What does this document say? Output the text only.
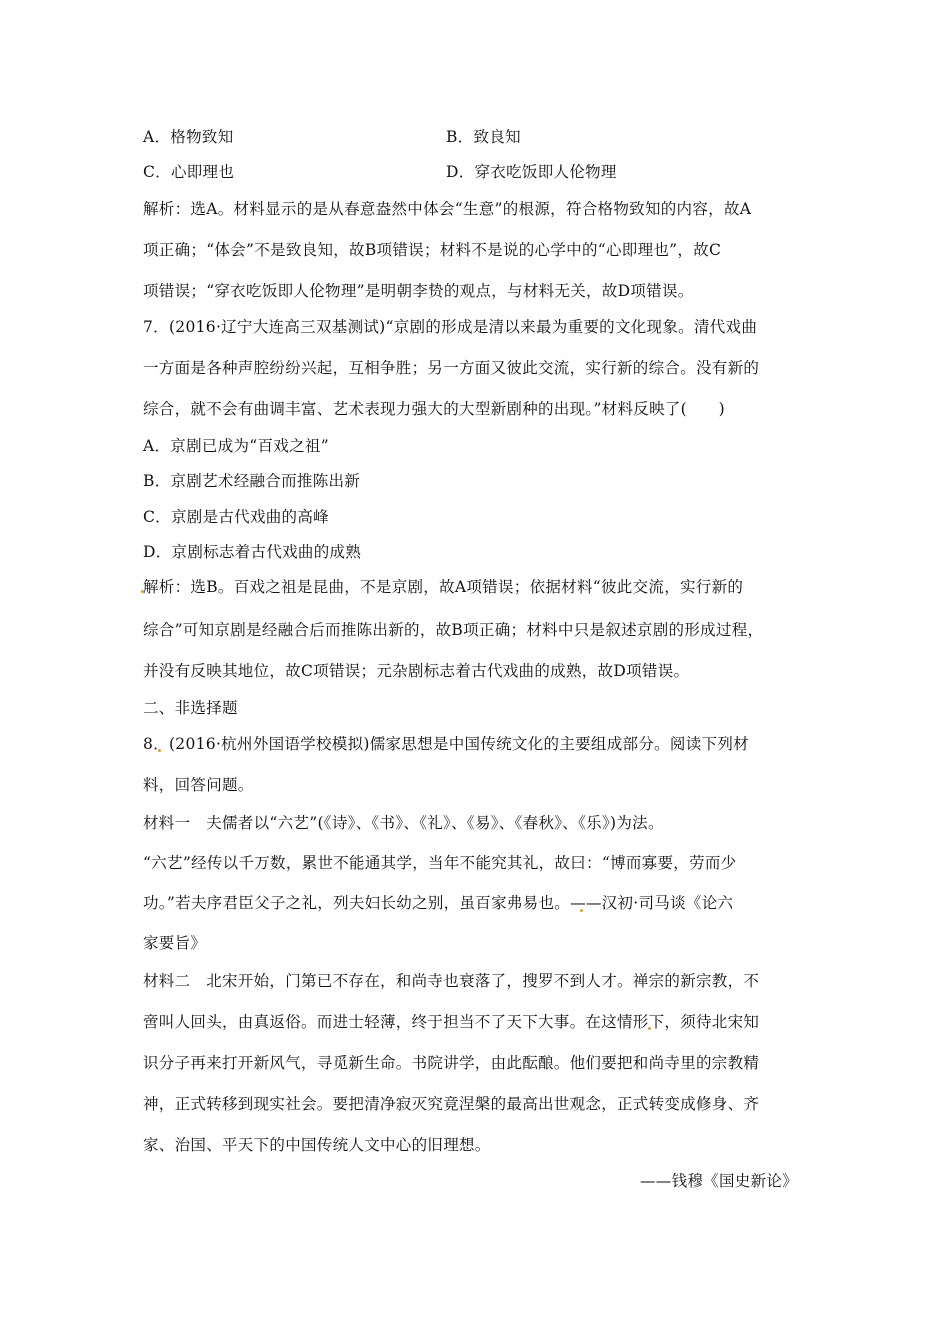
A．格物致知	B．致良知
C．心即理也	D．穿衣吃饭即人伦物理
解析：选A。材料显示的是从春意盎然中体会“生意”的根源，符合格物致知的内容，故A
项正确；“体会”不是致良知，故B项错误；材料不是说的心学中的“心即理也”，故C
项错误；“穿衣吃饭即人伦物理”是明朝李贽的观点，与材料无关，故D项错误。
7．(2016·辽宁大连高三双基测试)“京剧的形成是清以来最为重要的文化现象。清代戏曲
一方面是各种声腔纷纷兴起，互相争胜；另一方面又彼此交流，实行新的综合。没有新的
综合，就不会有曲调丰富、艺术表现力强大的大型新剧种的出现。”材料反映了(　　)
A．京剧已成为“百戏之祖”
B．京剧艺术经融合而推陈出新
C．京剧是古代戏曲的高峰
D．京剧标志着古代戏曲的成熟
解析：选B。百戏之祖是昆曲，不是京剧，故A项错误；依据材料“彼此交流，实行新的
综合”可知京剧是经融合后而推陈出新的，故B项正确；材料中只是叙述京剧的形成过程，
并没有反映其地位，故C项错误；元杂剧标志着古代戏曲的成熟，故D项错误。
二、非选择题
8．(2016·杭州外国语学校模拟)儒家思想是中国传统文化的主要组成部分。阅读下列材
料，回答问题。
材料一　夫儒者以“六艺”(《诗》、《书》、《礼》、《易》、《春秋》、《乐》)为法。
“六艺”经传以千万数，累世不能通其学，当年不能究其礼，故曰：“博而寡要，劳而少
功。”若夫序君臣父子之礼，列夫妇长幼之别，虽百家弗易也。——汉初·司马谈《论六
家要旨》
材料二　北宋开始，门第已不存在，和尚寺也衰落了，搜罗不到人才。禅宗的新宗教，不
啻叫人回头，由真返俗。而进士轻薄，终于担当不了天下大事。在这情形下，须待北宋知
识分子再来打开新风气，寻觅新生命。书院讲学，由此酝酿。他们要把和尚寺里的宗教精
神，正式转移到现实社会。要把清净寂灭究竟涅槃的最高出世观念，正式转变成修身、齐
家、治国、平天下的中国传统人文中心的旧理想。
——钱穆《国史新论》
